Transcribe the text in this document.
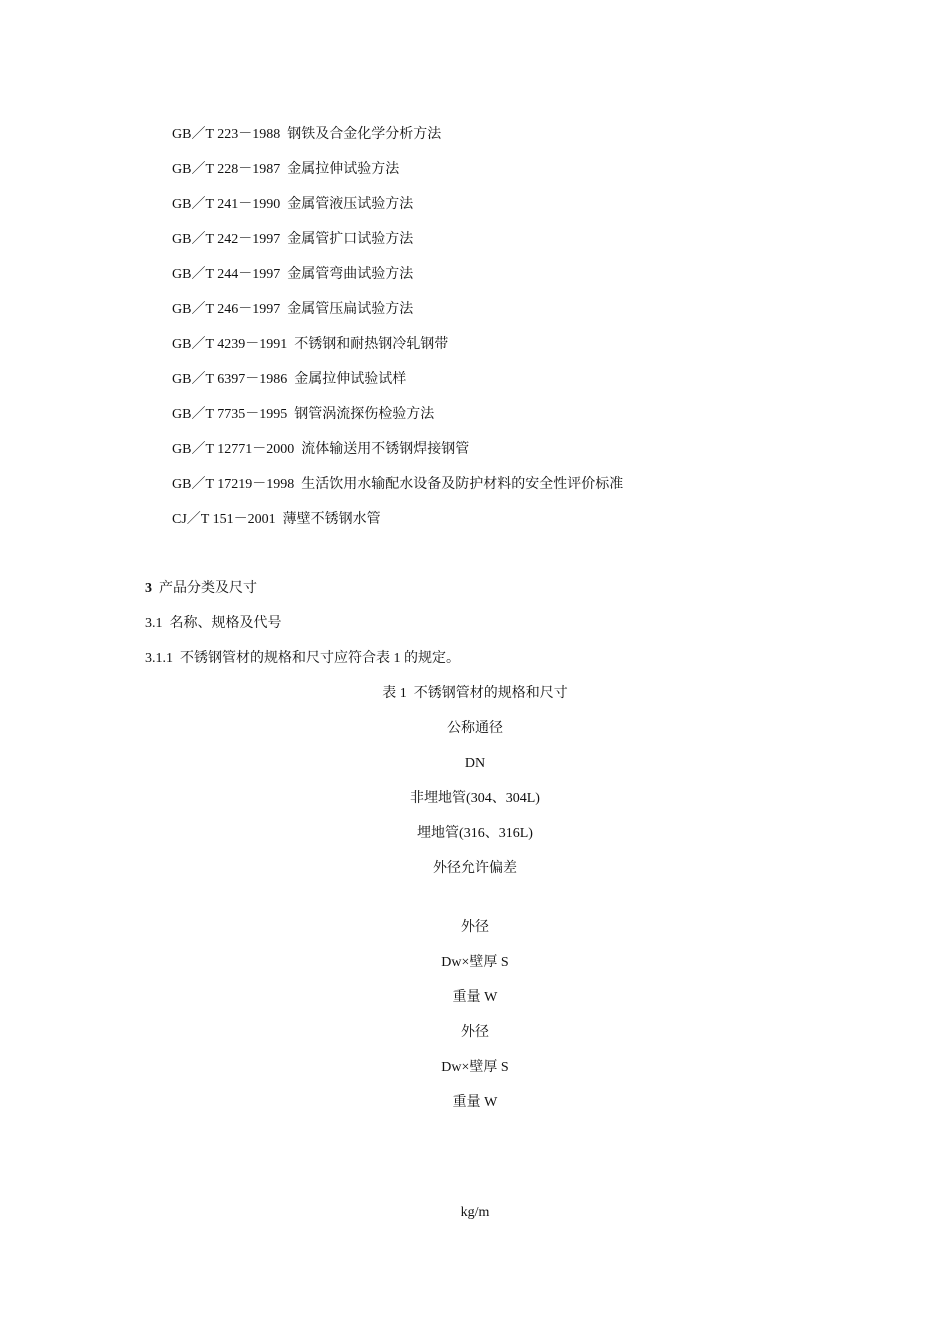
GB／T 223－1988 钢铁及合金化学分析方法
GB／T 228－1987 金属拉伸试验方法
GB／T 241－1990 金属管液压试验方法
GB／T 242－1997 金属管扩口试验方法
GB／T 244－1997 金属管弯曲试验方法
GB／T 246－1997 金属管压扁试验方法
GB／T 4239－1991 不锈钢和耐热钢冷轧钢带
GB／T 6397－1986 金属拉伸试验试样
GB／T 7735－1995 钢管涡流探伤检验方法
GB／T 12771－2000 流体输送用不锈钢焊接钢管
GB／T 17219－1998 生活饮用水输配水设备及防护材料的安全性评价标准
CJ／T 151－2001 薄壁不锈钢水管
3 产品分类及尺寸
3.1 名称、规格及代号
3.1.1 不锈钢管材的规格和尺寸应符合表 1 的规定。
表 1 不锈钢管材的规格和尺寸
公称通径
DN
非埋地管(304、304L)
埋地管(316、316L)
外径允许偏差
外径
Dw×壁厚 S
重量 W
外径
Dw×壁厚 S
重量 W
kg/m
